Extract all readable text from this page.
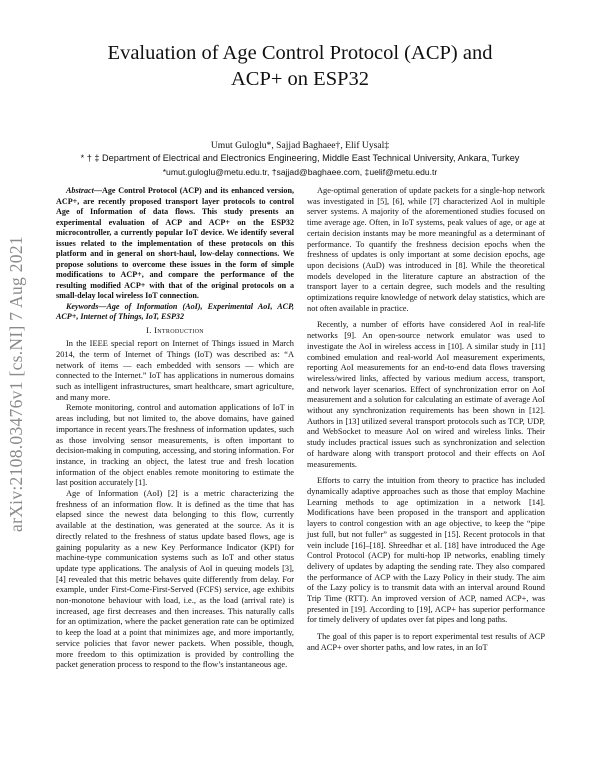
arXiv:2108.03476v1 [cs.NI] 7 Aug 2021
Evaluation of Age Control Protocol (ACP) and
ACP+ on ESP32
Umut Guloglu*, Sajjad Baghaee†, Elif Uysal‡
* † ‡ Department of Electrical and Electronics Engineering, Middle East Technical University, Ankara, Turkey
*umut.guloglu@metu.edu.tr, †sajjad@baghaee.com, ‡uelif@metu.edu.tr

Abstract—Age Control Protocol (ACP) and its enhanced version, ACP+, are recently proposed transport layer protocols to control Age of Information of data flows. This study presents an experimental evaluation of ACP and ACP+ on the ESP32 microcontroller, a currently popular IoT device. We identify several issues related to the implementation of these protocols on this platform and in general on short-haul, low-delay connections. We propose solutions to overcome these issues in the form of simple modifications to ACP+, and compare the performance of the resulting modified ACP+ with that of the original protocols on a small-delay local wireless IoT connection.

Keywords—Age of Information (AoI), Experimental AoI, ACP, ACP+, Internet of Things, IoT, ESP32

I. Introduction

In the IEEE special report on Internet of Things issued in March 2014, the term of Internet of Things (IoT) was described as: “A network of items — each embedded with sensors — which are connected to the Internet.” IoT has applications in numerous domains such as intelligent infrastructures, smart healthcare, smart agriculture, and many more.

Remote monitoring, control and automation applications of IoT in areas including, but not limited to, the above domains, have gained importance in recent years.The freshness of information updates, such as those involving sensor measurements, is often important to decision-making in computing, accessing, and storing information. For instance, in tracking an object, the latest true and fresh location information of the object enables remote monitoring to estimate the last position accurately [1].

Age of Information (AoI) [2] is a metric characterizing the freshness of an information flow. It is defined as the time that has elapsed since the newest data belonging to this flow, currently available at the destination, was generated at the source. As it is directly related to the freshness of status update based flows, age is gaining popularity as a new Key Performance Indicator (KPI) for machine-type communication systems such as IoT and other status update type applications. The analysis of AoI in queuing models [3], [4] revealed that this metric behaves quite differently from delay. For example, under First-Come-First-Served (FCFS) service, age exhibits non-monotone behaviour with load, i.e., as the load (arrival rate) is increased, age first decreases and then increases. This naturally calls for an optimization, where the packet generation rate can be optimized to keep the load at a point that minimizes age, and more importantly, service policies that favor newer packets. When possible, though, more freedom to this optimization is provided by controlling the packet generation process to respond to the flow’s instantaneous age.

Age-optimal generation of update packets for a single-hop network was investigated in [5], [6], while [7] characterized AoI in multiple server systems. A majority of the aforementioned studies focused on time average age. Often, in IoT systems, peak values of age, or age at certain decision instants may be more meaningful as a determinant of performance. To quantify the freshness decision epochs when the freshness of updates is only important at some decision epochs, age upon decisions (AuD) was introduced in [8]. While the theoretical models developed in the literature capture an abstraction of the transport layer to a certain degree, such models and the resulting optimizations require knowledge of network delay statistics, which are not often available in practice.

Recently, a number of efforts have considered AoI in real-life networks [9]. An open-source network emulator was used to investigate the AoI in wireless access in [10]. A similar study in [11] combined emulation and real-world AoI measurement experiments, reporting AoI measurements for an end-to-end data flows traversing wireless/wired links, affected by various medium access, transport, and network layer scenarios. Effect of synchronization error on AoI measurement and a solution for calculating an estimate of average AoI without any synchronization requirements has been shown in [12]. Authors in [13] utilized several transport protocols such as TCP, UDP, and WebSocket to measure AoI on wired and wireless links. Their study includes practical issues such as synchronization and selection of hardware along with transport protocol and their effects on AoI measurements.

Efforts to carry the intuition from theory to practice has included dynamically adaptive approaches such as those that employ Machine Learning methods to age optimization in a network [14]. Modifications have been proposed in the transport and application layers to control congestion with an age objective, to keep the “pipe just full, but not fuller” as suggested in [15]. Recent protocols in that vein include [16]–[18]. Shreedhar et al. [18] have introduced the Age Control Protocol (ACP) for multi-hop IP networks, enabling timely delivery of updates by adapting the sending rate. They also compared the performance of ACP with the Lazy Policy in their study. The aim of the Lazy policy is to transmit data with an interval around Round Trip Time (RTT). An improved version of ACP, named ACP+, was presented in [19]. According to [19], ACP+ has superior performance for timely delivery of updates over fat pipes and long paths.

The goal of this paper is to report experimental test results of ACP and ACP+ over shorter paths, and low rates, in an IoT
